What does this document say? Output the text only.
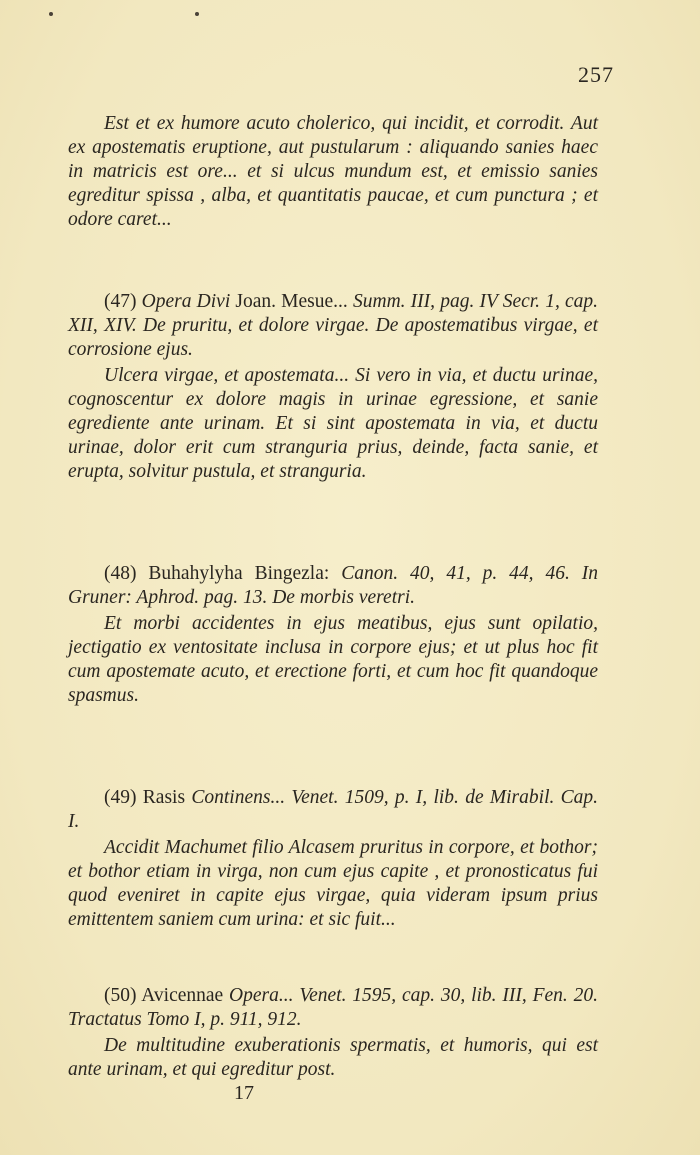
257

Est et ex humore acuto cholerico, qui incidit, et corrodit. Aut ex apostematis eruptione, aut pustularum : aliquando sanies haec in matricis est ore... et si ulcus mundum est, et emissio sanies egreditur spissa , alba, et quantitatis paucae, et cum punctura ; et odore caret...

(47) Opera Divi Joan. Mesue... Summ. III, pag. IV Secr. 1, cap. XII, XIV. De pruritu, et dolore virgae. De apostematibus virgae, et corrosione ejus.

Ulcera virgae, et apostemata... Si vero in via, et ductu urinae, cognoscentur ex dolore magis in urinae egressione, et sanie egrediente ante urinam. Et si sint apostemata in via, et ductu urinae, dolor erit cum stranguria prius, deinde, facta sanie, et erupta, solvitur pustula, et stranguria.

(48) Buhahylyha Bingezla: Canon. 40, 41, p. 44, 46. In Gruner: Aphrod. pag. 13. De morbis veretri.

Et morbi accidentes in ejus meatibus, ejus sunt opilatio, jectigatio ex ventositate inclusa in corpore ejus; et ut plus hoc fit cum apostemate acuto, et erectione forti, et cum hoc fit quandoque spasmus.

(49) Rasis Continens... Venet. 1509, p. I, lib. de Mirabil. Cap. I.

Accidit Machumet filio Alcasem pruritus in corpore, et bothor; et bothor etiam in virga, non cum ejus capite , et pronosticatus fui quod eveniret in capite ejus virgae, quia videram ipsum prius emittentem saniem cum urina: et sic fuit...

(50) Avicennae Opera... Venet. 1595, cap. 30, lib. III, Fen. 20. Tractatus Tomo I, p. 911, 912.

De multitudine exuberationis spermatis, et humoris, qui est ante urinam, et qui egreditur post.

17
